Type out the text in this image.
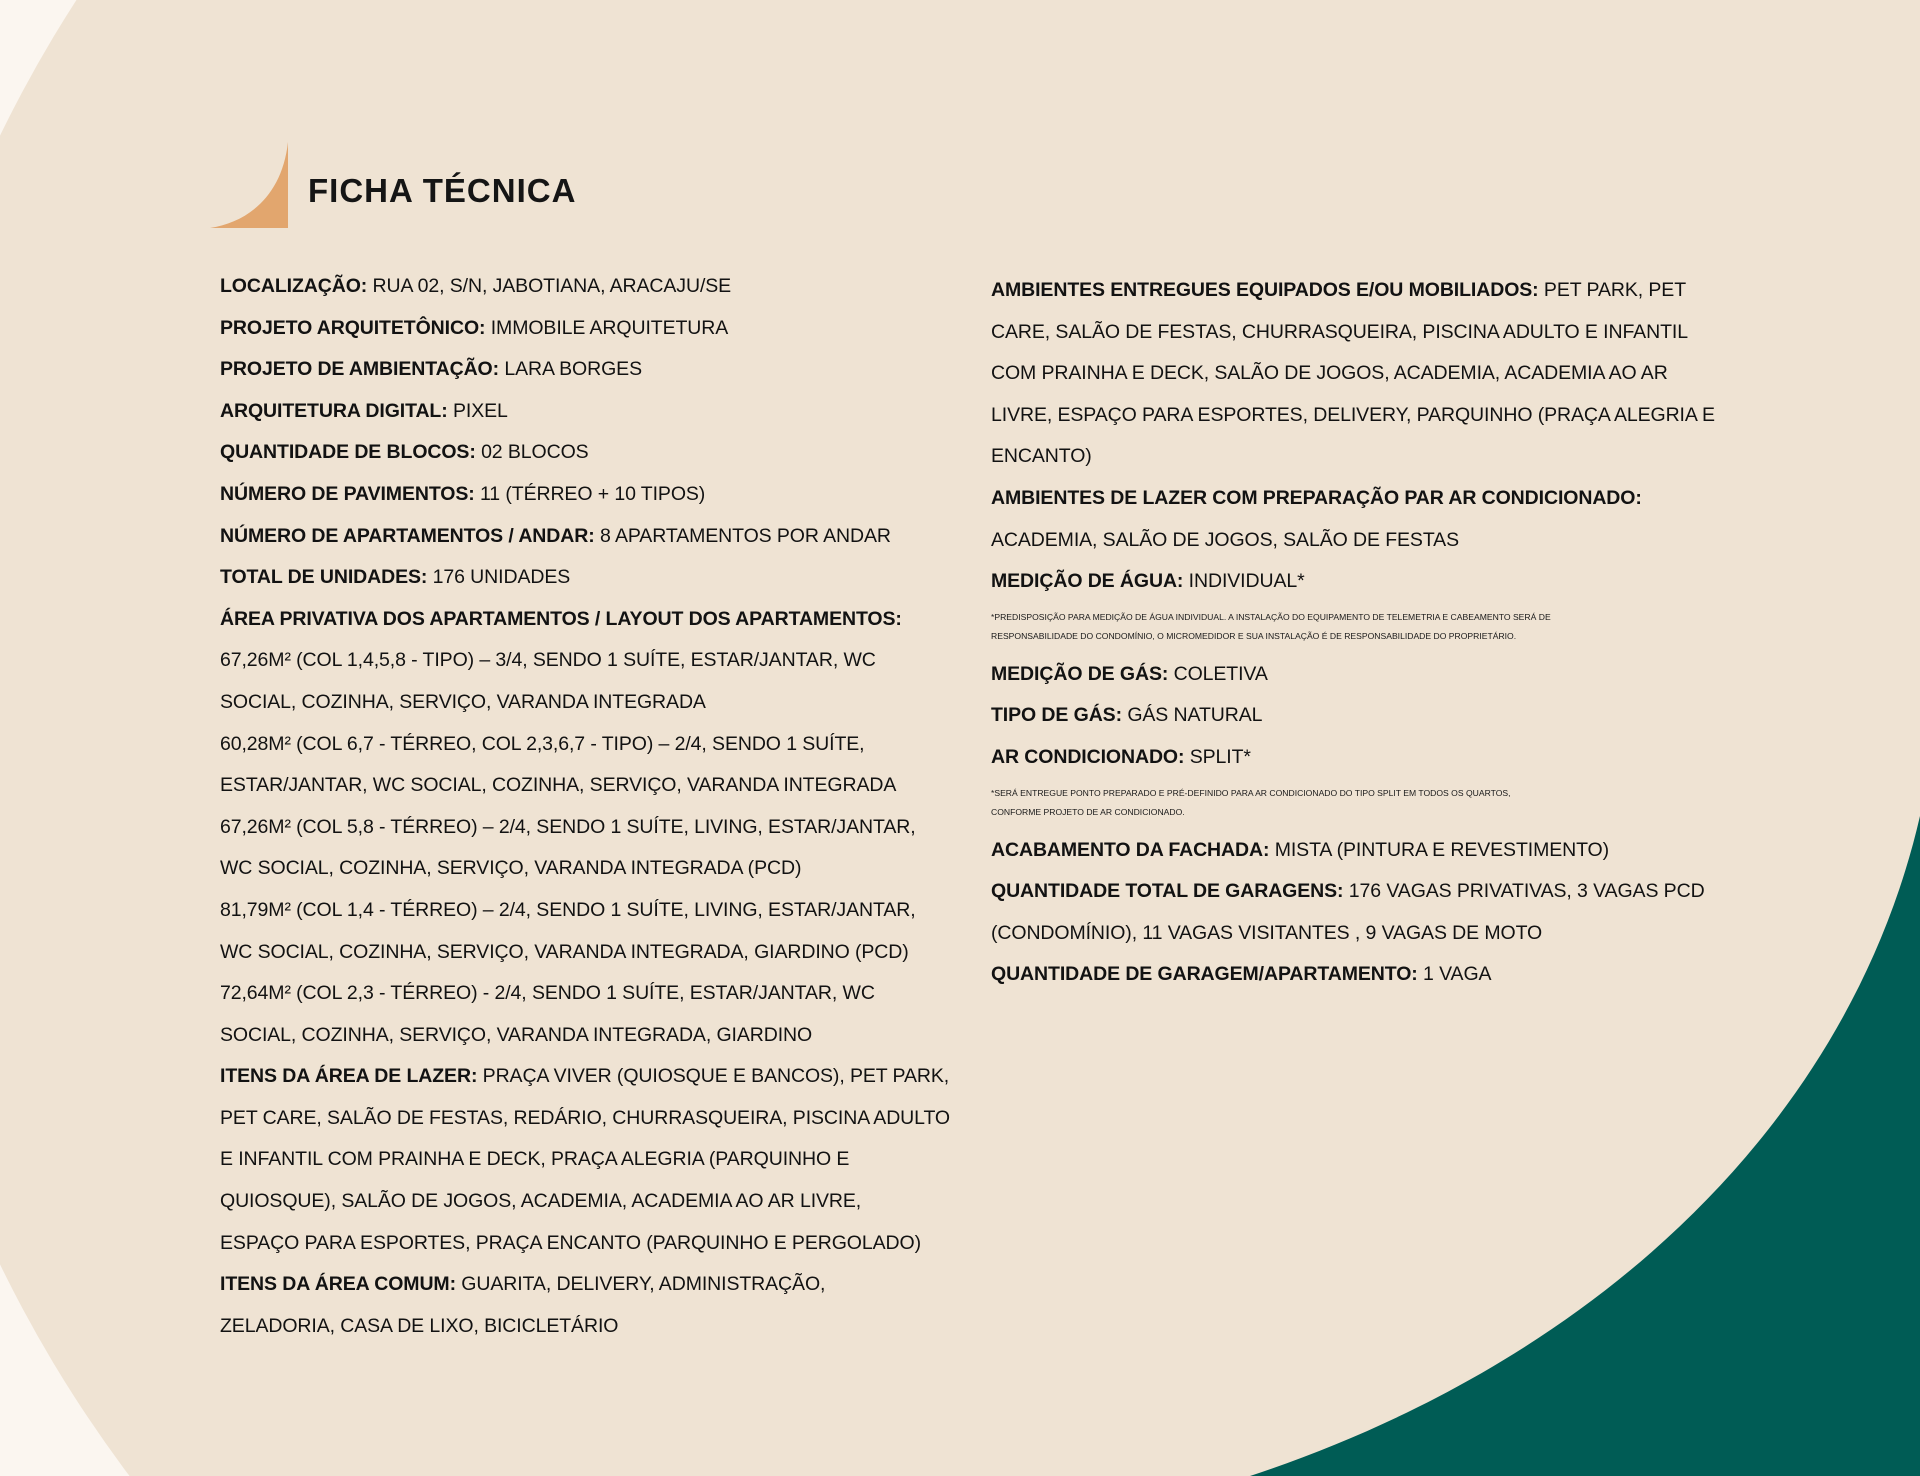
FICHA TÉCNICA
LOCALIZAÇÃO: RUA 02, S/N, JABOTIANA, ARACAJU/SE
PROJETO ARQUITETÔNICO: IMMOBILE ARQUITETURA
PROJETO DE AMBIENTAÇÃO: LARA BORGES
ARQUITETURA DIGITAL: PIXEL
QUANTIDADE DE BLOCOS: 02 BLOCOS
NÚMERO DE PAVIMENTOS: 11 (TÉRREO + 10 TIPOS)
NÚMERO DE APARTAMENTOS / ANDAR: 8 APARTAMENTOS POR ANDAR
TOTAL DE UNIDADES: 176 UNIDADES
ÁREA PRIVATIVA DOS APARTAMENTOS / LAYOUT DOS APARTAMENTOS:
67,26M² (COL 1,4,5,8 - TIPO) – 3/4, SENDO 1 SUÍTE, ESTAR/JANTAR, WC
SOCIAL, COZINHA, SERVIÇO, VARANDA INTEGRADA
60,28M² (COL 6,7 - TÉRREO, COL 2,3,6,7 - TIPO) – 2/4, SENDO 1 SUÍTE,
ESTAR/JANTAR, WC SOCIAL, COZINHA, SERVIÇO, VARANDA INTEGRADA
67,26M² (COL 5,8 - TÉRREO) – 2/4, SENDO 1 SUÍTE, LIVING, ESTAR/JANTAR,
WC SOCIAL, COZINHA, SERVIÇO, VARANDA INTEGRADA (PCD)
81,79M² (COL 1,4 - TÉRREO) – 2/4, SENDO 1 SUÍTE, LIVING, ESTAR/JANTAR,
WC SOCIAL, COZINHA, SERVIÇO, VARANDA INTEGRADA, GIARDINO (PCD)
72,64M² (COL 2,3 - TÉRREO) - 2/4, SENDO 1 SUÍTE, ESTAR/JANTAR, WC
SOCIAL, COZINHA, SERVIÇO, VARANDA INTEGRADA, GIARDINO
ITENS DA ÁREA DE LAZER: PRAÇA VIVER (QUIOSQUE E BANCOS), PET PARK,
PET CARE, SALÃO DE FESTAS, REDÁRIO, CHURRASQUEIRA, PISCINA ADULTO
E INFANTIL COM PRAINHA E DECK, PRAÇA ALEGRIA (PARQUINHO E
QUIOSQUE), SALÃO DE JOGOS, ACADEMIA, ACADEMIA AO AR LIVRE,
ESPAÇO PARA ESPORTES, PRAÇA ENCANTO (PARQUINHO E PERGOLADO)
ITENS DA ÁREA COMUM: GUARITA, DELIVERY, ADMINISTRAÇÃO,
ZELADORIA, CASA DE LIXO, BICICLETÁRIO
AMBIENTES ENTREGUES EQUIPADOS E/OU MOBILIADOS: PET PARK, PET
CARE, SALÃO DE FESTAS, CHURRASQUEIRA, PISCINA ADULTO E INFANTIL
COM PRAINHA E DECK, SALÃO DE JOGOS, ACADEMIA, ACADEMIA AO AR
LIVRE, ESPAÇO PARA ESPORTES, DELIVERY, PARQUINHO (PRAÇA ALEGRIA E
ENCANTO)
AMBIENTES DE LAZER COM PREPARAÇÃO PAR AR CONDICIONADO:
ACADEMIA, SALÃO DE JOGOS, SALÃO DE FESTAS
MEDIÇÃO DE ÁGUA: INDIVIDUAL*
*PREDISPOSIÇÃO PARA MEDIÇÃO DE ÁGUA INDIVIDUAL. A INSTALAÇÃO DO EQUIPAMENTO DE TELEMETRIA E CABEAMENTO SERÁ DE
RESPONSABILIDADE DO CONDOMÍNIO, O MICROMEDIDOR E SUA INSTALAÇÃO É DE RESPONSABILIDADE DO PROPRIETÁRIO.
MEDIÇÃO DE GÁS: COLETIVA
TIPO DE GÁS: GÁS NATURAL
AR CONDICIONADO: SPLIT*
*SERÁ ENTREGUE PONTO PREPARADO E PRÉ-DEFINIDO PARA AR CONDICIONADO DO TIPO SPLIT EM TODOS OS QUARTOS,
CONFORME PROJETO DE AR CONDICIONADO.
ACABAMENTO DA FACHADA: MISTA (PINTURA E REVESTIMENTO)
QUANTIDADE TOTAL DE GARAGENS: 176 VAGAS PRIVATIVAS, 3 VAGAS PCD
(CONDOMÍNIO), 11 VAGAS VISITANTES , 9 VAGAS DE MOTO
QUANTIDADE DE GARAGEM/APARTAMENTO: 1 VAGA
